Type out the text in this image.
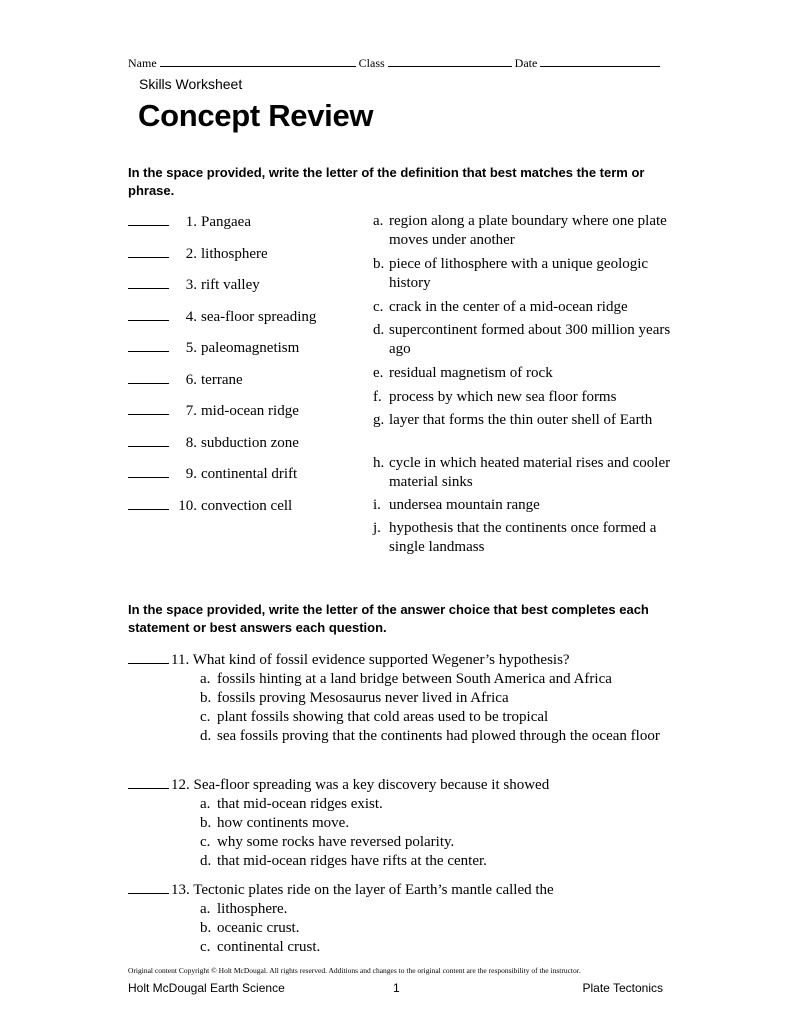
Name	Class	Date
Skills Worksheet
Concept Review
In the space provided, write the letter of the definition that best matches the term or phrase.
1. Pangaea
2. lithosphere
3. rift valley
4. sea-floor spreading
5. paleomagnetism
6. terrane
7. mid-ocean ridge
8. subduction zone
9. continental drift
10. convection cell
a. region along a plate boundary where one plate moves under another
b. piece of lithosphere with a unique geologic history
c. crack in the center of a mid-ocean ridge
d. supercontinent formed about 300 million years ago
e. residual magnetism of rock
f. process by which new sea floor forms
g. layer that forms the thin outer shell of Earth
h. cycle in which heated material rises and cooler material sinks
i. undersea mountain range
j. hypothesis that the continents once formed a single landmass
In the space provided, write the letter of the answer choice that best completes each statement or best answers each question.
11. What kind of fossil evidence supported Wegener’s hypothesis?
a. fossils hinting at a land bridge between South America and Africa
b. fossils proving Mesosaurus never lived in Africa
c. plant fossils showing that cold areas used to be tropical
d. sea fossils proving that the continents had plowed through the ocean floor
12. Sea-floor spreading was a key discovery because it showed
a. that mid-ocean ridges exist.
b. how continents move.
c. why some rocks have reversed polarity.
d. that mid-ocean ridges have rifts at the center.
13. Tectonic plates ride on the layer of Earth’s mantle called the
a. lithosphere.
b. oceanic crust.
c. continental crust.
Original content Copyright © Holt McDougal. All rights reserved. Additions and changes to the original content are the responsibility of the instructor.
Holt McDougal Earth Science	1	Plate Tectonics
